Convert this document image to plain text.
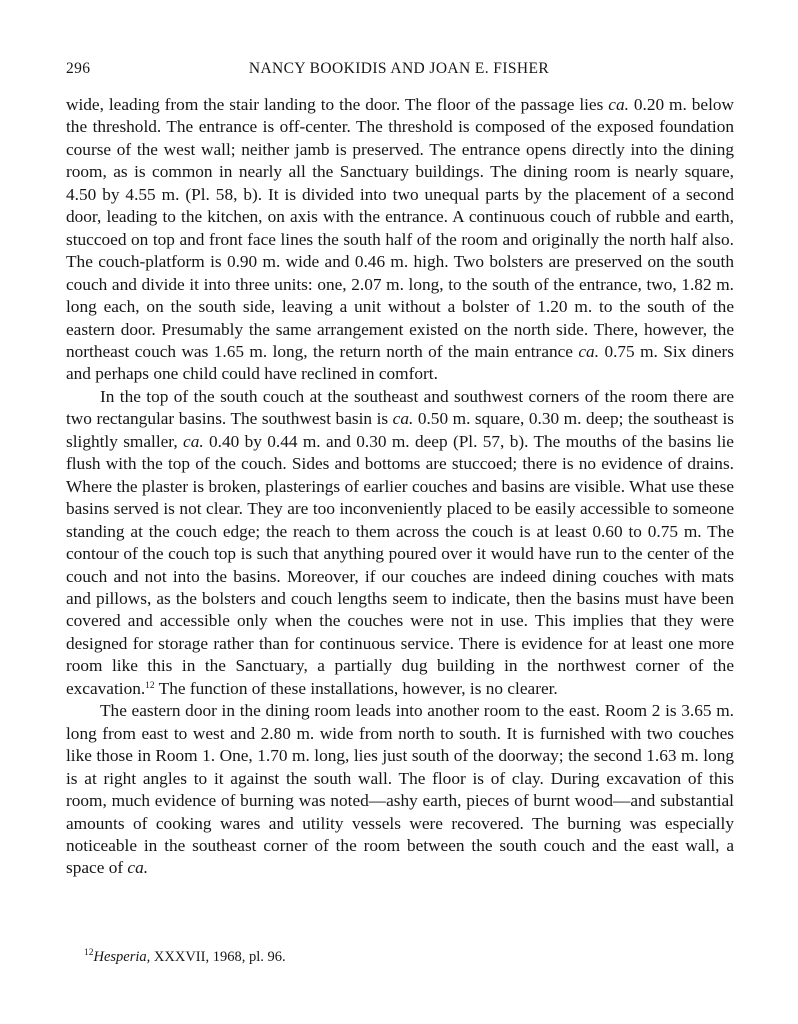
296	NANCY BOOKIDIS AND JOAN E. FISHER

wide, leading from the stair landing to the door. The floor of the passage lies ca. 0.20 m. below the threshold. The entrance is off-center. The threshold is composed of the exposed foundation course of the west wall; neither jamb is preserved. The entrance opens directly into the dining room, as is common in nearly all the Sanctuary buildings. The dining room is nearly square, 4.50 by 4.55 m. (Pl. 58, b). It is divided into two unequal parts by the placement of a second door, leading to the kitchen, on axis with the entrance. A continuous couch of rubble and earth, stuccoed on top and front face lines the south half of the room and originally the north half also. The couch-platform is 0.90 m. wide and 0.46 m. high. Two bolsters are preserved on the south couch and divide it into three units: one, 2.07 m. long, to the south of the entrance, two, 1.82 m. long each, on the south side, leaving a unit without a bolster of 1.20 m. to the south of the eastern door. Presumably the same arrangement existed on the north side. There, however, the northeast couch was 1.65 m. long, the return north of the main entrance ca. 0.75 m. Six diners and perhaps one child could have reclined in comfort.

In the top of the south couch at the southeast and southwest corners of the room there are two rectangular basins. The southwest basin is ca. 0.50 m. square, 0.30 m. deep; the southeast is slightly smaller, ca. 0.40 by 0.44 m. and 0.30 m. deep (Pl. 57, b). The mouths of the basins lie flush with the top of the couch. Sides and bottoms are stuccoed; there is no evidence of drains. Where the plaster is broken, plasterings of earlier couches and basins are visible. What use these basins served is not clear. They are too inconveniently placed to be easily accessible to someone standing at the couch edge; the reach to them across the couch is at least 0.60 to 0.75 m. The contour of the couch top is such that anything poured over it would have run to the center of the couch and not into the basins. Moreover, if our couches are indeed dining couches with mats and pillows, as the bolsters and couch lengths seem to indicate, then the basins must have been covered and accessible only when the couches were not in use. This implies that they were designed for storage rather than for continuous service. There is evidence for at least one more room like this in the Sanctuary, a partially dug building in the northwest corner of the excavation.$^{12}$ The function of these installations, however, is no clearer.

The eastern door in the dining room leads into another room to the east. Room 2 is 3.65 m. long from east to west and 2.80 m. wide from north to south. It is furnished with two couches like those in Room 1. One, 1.70 m. long, lies just south of the doorway; the second 1.63 m. long is at right angles to it against the south wall. The floor is of clay. During excavation of this room, much evidence of burning was noted—ashy earth, pieces of burnt wood—and substantial amounts of cooking wares and utility vessels were recovered. The burning was especially noticeable in the southeast corner of the room between the south couch and the east wall, a space of ca.

$^{12}$Hesperia, XXXVII, 1968, pl. 96.
